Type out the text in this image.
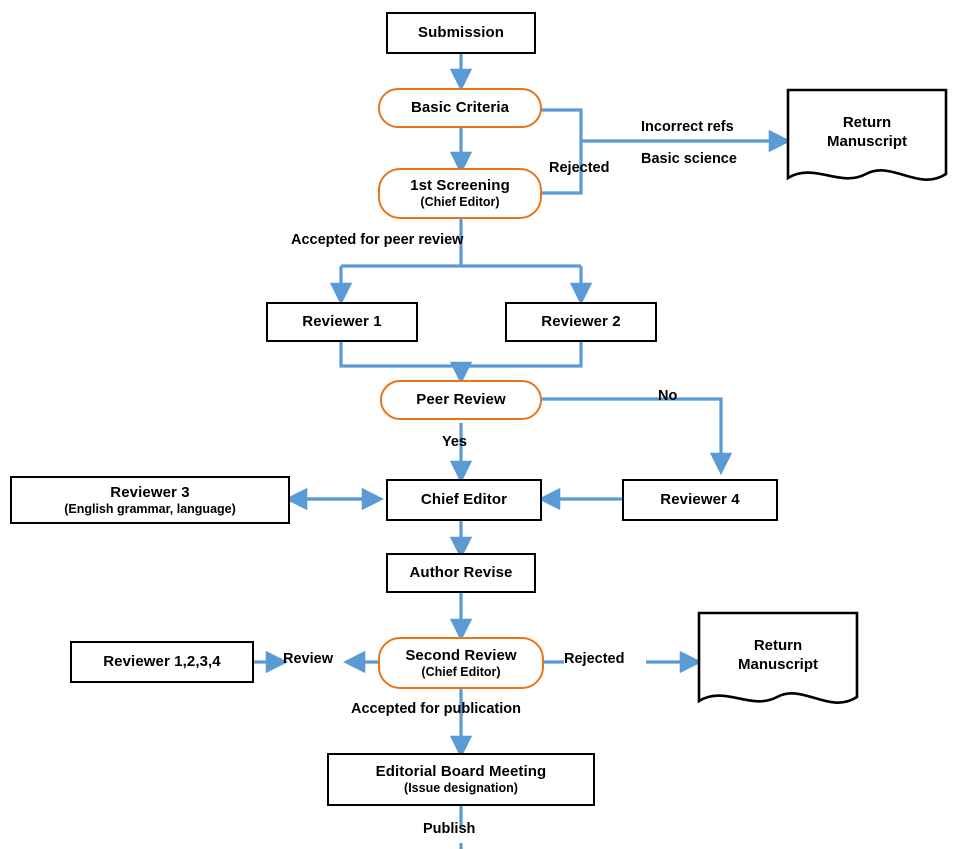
Submission
Basic Criteria
1st Screening
(Chief Editor)
Return
Manuscript
Reviewer 1	Reviewer 2
Peer Review
Reviewer 3
(English grammar, language)
Chief Editor	Reviewer 4
Author Revise
Reviewer 1,2,3,4	Second Review
(Chief Editor)
Return
Manuscript
Editorial Board Meeting
(Issue designation)
Incorrect refs
Basic science
Rejected
Accepted for peer review
No
Yes
Review	Rejected
Accepted for publication
Publish
